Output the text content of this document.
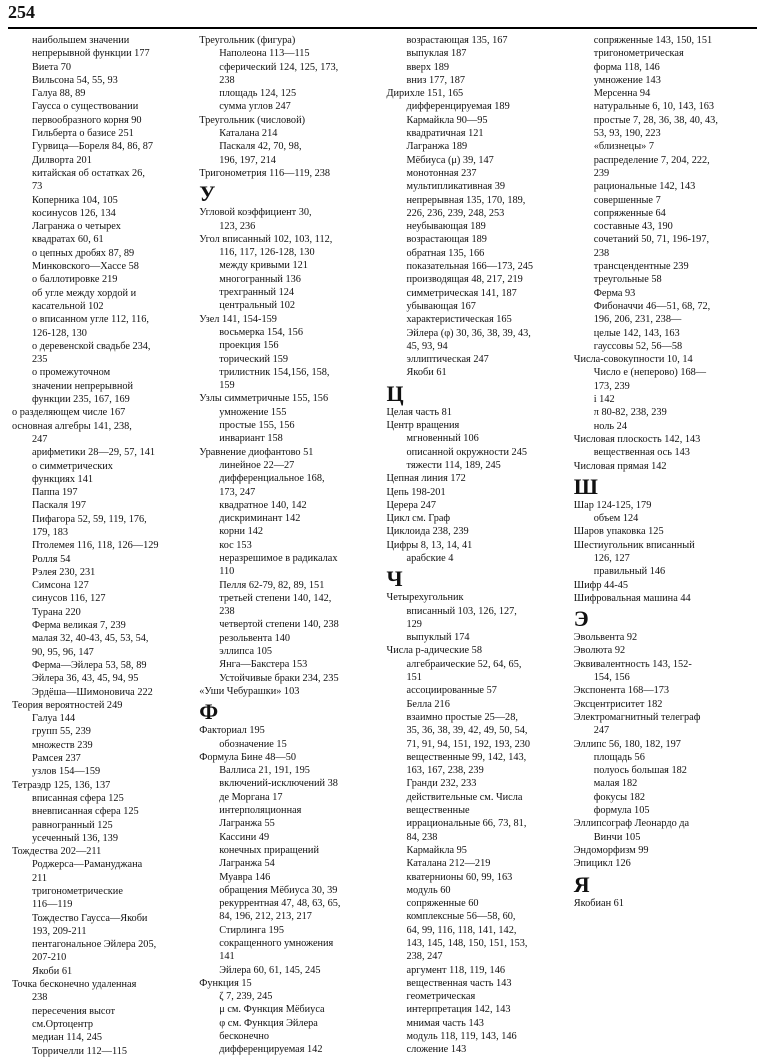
254
наибольшем значении
непрерывной функции 177
Виета 70
Вильсона 54, 55, 93
Галуа 88, 89
Гаусса о существовании
первообразного корня 90
Гильберта о базисе 251
Гурвица—Бореля 84, 86, 87
Дилворта 201
китайская об остатках 26,
73
Коперника 104, 105
косинусов 126, 134
Лагранжа о четырех
квадратах 60, 61
о цепных дробях 87, 89
Минковского—Хассе 58
о баллотировке 219
об угле между хордой и
касательной 102
о вписанном угле 112, 116,
126-128, 130
о деревенской свадьбе 234,
235
о промежуточном
значении непрерывной
функции 235, 167, 169
о разделяющем числе 167
основная алгебры 141, 238,
247
арифметики 28—29, 57, 141
о симметрических
функциях 141
Паппа 197
Паскаля 197
Пифагора 52, 59, 119, 176,
179, 183
Птолемея 116, 118, 126—129
Ролля 54
Рэлея 230, 231
Симсона 127
синусов 116, 127
Турана 220
Ферма великая 7, 239
малая 32, 40-43, 45, 53, 54,
90, 95, 96, 147
Ферма—Эйлера 53, 58, 89
Эйлера 36, 43, 45, 94, 95
Эрдёша—Шимоновича 222
Теория вероятностей 249
Галуа 144
групп 55, 239
множеств 239
Рамсея 237
узлов 154—159
Тетраэдр 125, 136, 137
вписанная сфера 125
вневписанная сфера 125
равногранный 125
усеченный 136, 139
Тождества 202—211
Роджерса—Рамануджана
211
тригонометрические
116—119
Тождество Гаусса—Якоби
193, 209-211
пентагональное Эйлера 205,
207-210
Якоби 61
Точка бесконечно удаленная
238
пересечения высот
см.Ортоцентр
медиан 114, 245
Торричелли 112—115
Треугольник (фигура)
Наполеона 113—115
сферический 124, 125, 173,
238
площадь 124, 125
сумма углов 247
Треугольник (числовой)
Каталана 214
Паскаля 42, 70, 98,
196, 197, 214
Тригонометрия 116—119, 238
У
Угловой коэффициент 30,
123, 236
Угол вписанный 102, 103, 112,
116, 117, 126-128, 130
между кривыми 121
многогранный 136
трехгранный 124
центральный 102
Узел 141, 154-159
восьмерка 154, 156
проекция 156
торический 159
трилистник 154,156, 158,
159
Узлы симметричные 155, 156
умножение 155
простые 155, 156
инвариант 158
Уравнение диофантово 51
линейное 22—27
дифференциальное 168,
173, 247
квадратное 140, 142
дискриминант 142
корни 142
кос 153
неразрешимое в радикалах
110
Пелля 62-79, 82, 89, 151
третьей степени 140, 142,
238
четвертой степени 140, 238
резольвента 140
эллипса 105
Янга—Бакстера 153
Устойчивые браки 234, 235
«Уши Чебурашки» 103
Ф
Факториал 195
обозначение 15
Формула Бине 48—50
Валлиса 21, 191, 195
включений-исключений 38
де Моргана 17
интерполяционная
Лагранжа 55
Кассини 49
конечных приращений
Лагранжа 54
Муавра 146
обращения Мёбиуса 30, 39
рекуррентная 47, 48, 63, 65,
84, 196, 212, 213, 217
Стирлинга 195
сокращенного умножения
141
Эйлера 60, 61, 145, 245
Функция 15
ζ 7, 239, 245
μ см. Функция Мёбиуса
φ см. Функция Эйлера
бесконечно
дифференцируемая 142
возрастающая 135, 167
выпуклая 187
вверх 189
вниз 177, 187
Дирихле 151, 165
дифференцируемая 189
Кармайкла 90—95
квадратичная 121
Лагранжа 189
Мёбиуса (μ) 39, 147
монотонная 237
мультипликативная 39
непрерывная 135, 170, 189,
226, 236, 239, 248, 253
неубывающая 189
возрастающая 189
обратная 135, 166
показательная 166—173, 245
производящая 48, 217, 219
симметрическая 141, 187
убывающая 167
характеристическая 165
Эйлера (φ) 30, 36, 38, 39, 43,
45, 93, 94
эллиптическая 247
Якоби 61
Ц
Целая часть 81
Центр вращения
мгновенный 106
описанной окружности 245
тяжести 114, 189, 245
Цепная линия 172
Цепь 198-201
Церера 247
Цикл см. Граф
Циклоида 238, 239
Цифры 8, 13, 14, 41
арабские 4
Ч
Четырехугольник
вписанный 103, 126, 127,
129
выпуклый 174
Числа p-адические 58
алгебраические 52, 64, 65,
151
ассоциированные 57
Белла 216
взаимно простые 25—28,
35, 36, 38, 39, 42, 49, 50, 54,
71, 91, 94, 151, 192, 193, 230
вещественные 99, 142, 143,
163, 167, 238, 239
Гранди 232, 233
действительные см. Числа
вещественные
иррациональные 66, 73, 81,
84, 238
Кармайкла 95
Каталана 212—219
кватернионы 60, 99, 163
модуль 60
сопряженные 60
комплексные 56—58, 60,
64, 99, 116, 118, 141, 142,
143, 145, 148, 150, 151, 153,
238, 247
аргумент 118, 119, 146
вещественная часть 143
геометрическая
интерпретация 142, 143
мнимая часть 143
модуль 118, 119, 143, 146
сложение 143
сопряженные 143, 150, 151
тригонометрическая
форма 118, 146
умножение 143
Мерсенна 94
натуральные 6, 10, 143, 163
простые 7, 28, 36, 38, 40, 43,
53, 93, 190, 223
«близнецы» 7
распределение 7, 204, 222,
239
рациональные 142, 143
совершенные 7
сопряженные 64
составные 43, 190
сочетаний 50, 71, 196-197,
238
трансцендентные 239
треугольные 58
Ферма 93
Фибоначчи 46—51, 68, 72,
196, 206, 231, 238—
целые 142, 143, 163
гауссовы 52, 56—58
Числа-совокупности 10, 14
Число e (неперово) 168—
173, 239
i 142
π 80-82, 238, 239
ноль 24
Числовая плоскость 142, 143
вещественная ось 143
Числовая прямая 142
Ш
Шар 124-125, 179
объем 124
Шаров упаковка 125
Шестиугольник вписанный
126, 127
правильный 146
Шифр 44-45
Шифровальная машина 44
Э
Эвольвента 92
Эволюта 92
Эквивалентность 143, 152-
154, 156
Экспонента 168—173
Эксцентриситет 182
Электромагнитный телеграф
247
Эллипс 56, 180, 182, 197
площадь 56
полуось большая 182
малая 182
фокусы 182
формула 105
Эллипсограф Леонардо да
Винчи 105
Эндоморфизм 99
Эпицикл 126
Я
Якобиан 61
